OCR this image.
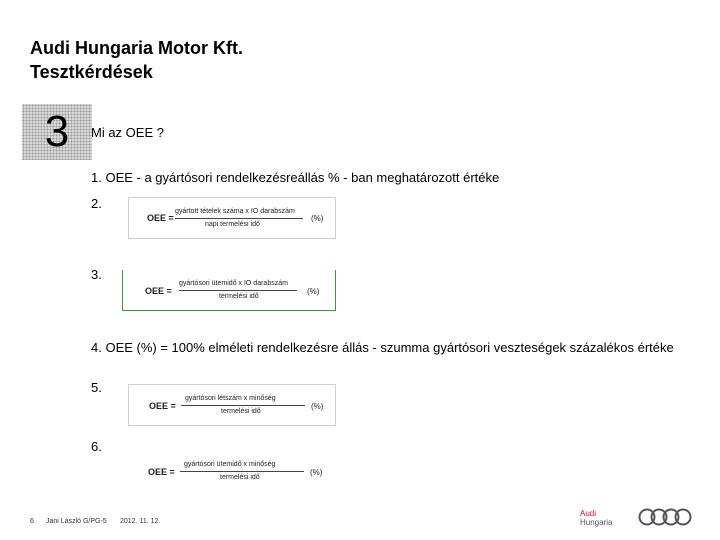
Audi Hungaria Motor Kft.
Tesztkérdések
3	Mi az OEE ?
1. OEE - a gyártósori rendelkezésreállás % - ban meghatározott értéke
2.
OEE =
gyártott tételek száma x IO darabszám
napi termelési idő
(%)
3.
OEE =
gyártósori ütemidő x IO darabszám
termelési idő
(%)
4. OEE (%) = 100% elméleti rendelkezésre állás - szumma gyártósori veszteségek százalékos értéke
5.
OEE =
gyártósori létszám x minőség
termelési idő
(%)
6.
OEE =
gyártósori ütemidő x minőség
termelési idő
(%)
6 Jani László G/PG-5 2012. 11. 12.
Audi
Hungaria
